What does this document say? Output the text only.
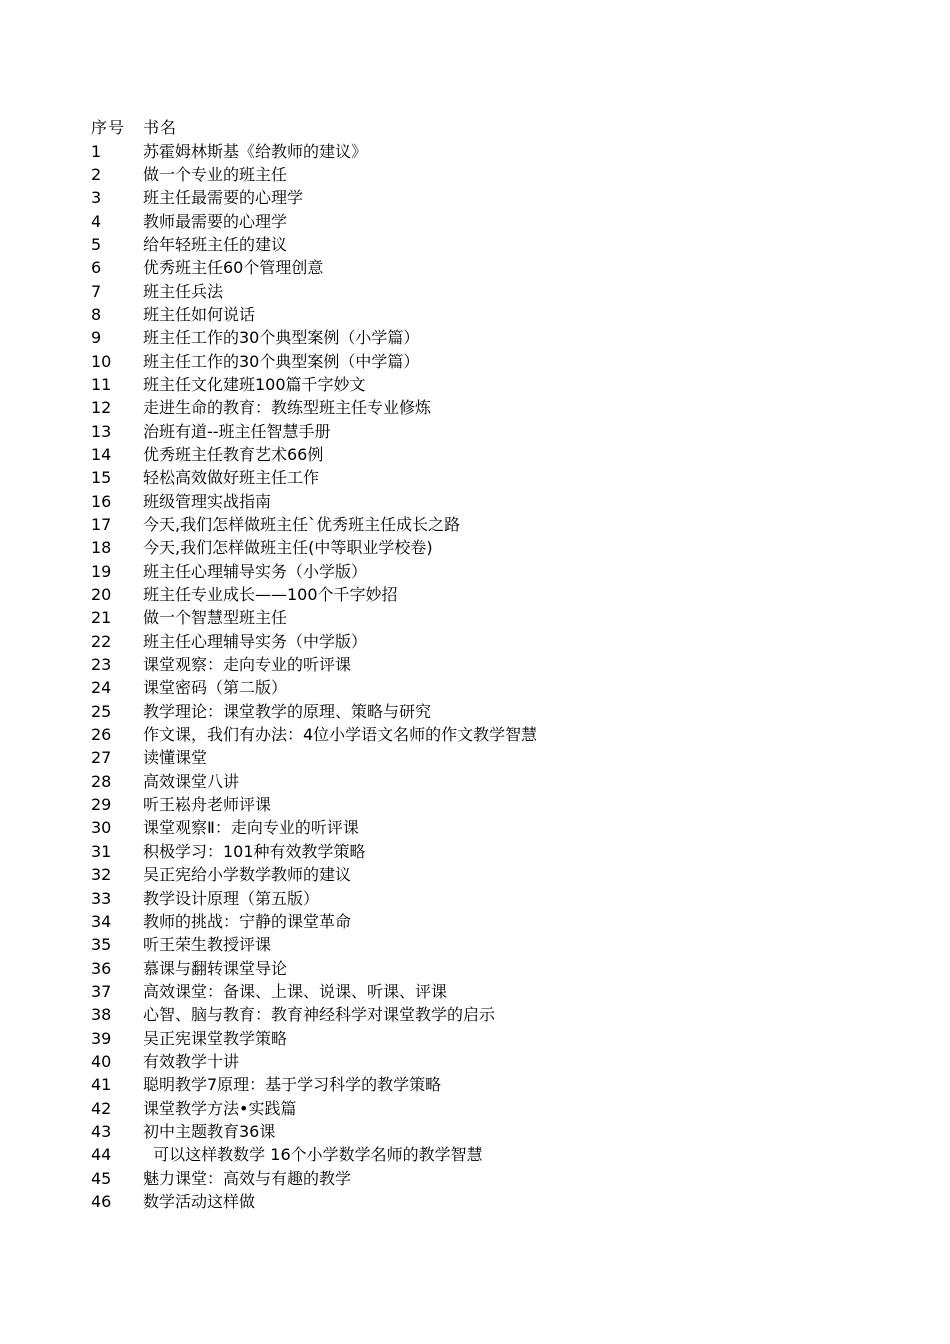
序号	书名
1	苏霍姆林斯基《给教师的建议》
2	做一个专业的班主任
3	班主任最需要的心理学
4	教师最需要的心理学
5	给年轻班主任的建议
6	优秀班主任60个管理创意
7	班主任兵法
8	班主任如何说话
9	班主任工作的30个典型案例（小学篇）
10	班主任工作的30个典型案例（中学篇）
11	班主任文化建班100篇千字妙文
12	走进生命的教育：教练型班主任专业修炼
13	治班有道--班主任智慧手册
14	优秀班主任教育艺术66例
15	轻松高效做好班主任工作
16	班级管理实战指南
17	今天,我们怎样做班主任`优秀班主任成长之路
18	今天,我们怎样做班主任(中等职业学校卷)
19	班主任心理辅导实务（小学版）
20	班主任专业成长——100个千字妙招
21	做一个智慧型班主任
22	班主任心理辅导实务（中学版）
23	课堂观察：走向专业的听评课
24	课堂密码（第二版）
25	教学理论：课堂教学的原理、策略与研究
26	作文课，我们有办法：4位小学语文名师的作文教学智慧
27	读懂课堂
28	高效课堂八讲
29	听王崧舟老师评课
30	课堂观察Ⅱ：走向专业的听评课
31	积极学习：101种有效教学策略
32	吴正宪给小学数学教师的建议
33	教学设计原理（第五版）
34	教师的挑战：宁静的课堂革命
35	听王荣生教授评课
36	慕课与翻转课堂导论
37	高效课堂：备课、上课、说课、听课、评课
38	心智、脑与教育：教育神经科学对课堂教学的启示
39	吴正宪课堂教学策略
40	有效教学十讲
41	聪明教学7原理：基于学习科学的教学策略
42	课堂教学方法•实践篇
43	初中主题教育36课
44	可以这样教数学 16个小学数学名师的教学智慧
45	魅力课堂：高效与有趣的教学
46	数学活动这样做
